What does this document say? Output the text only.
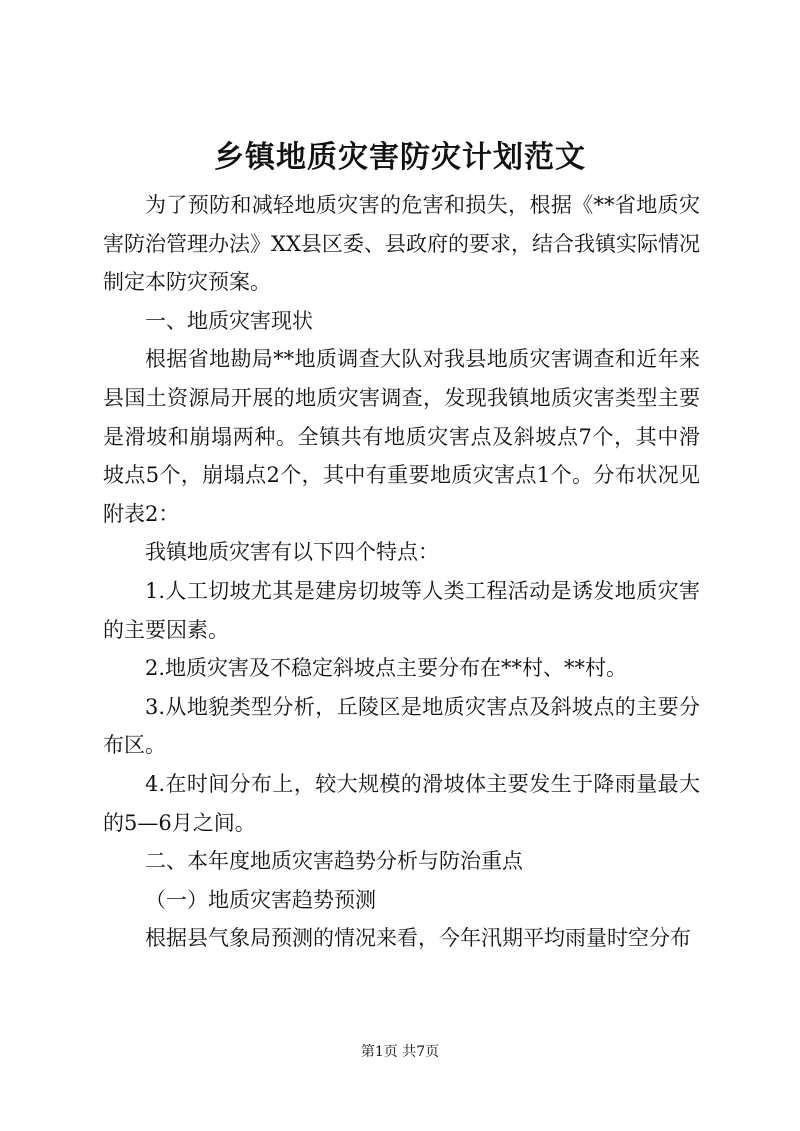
乡镇地质灾害防灾计划范文

为了预防和减轻地质灾害的危害和损失，根据《**省地质灾害防治管理办法》XX县区委、县政府的要求，结合我镇实际情况制定本防灾预案。

一、地质灾害现状

根据省地勘局**地质调查大队对我县地质灾害调查和近年来县国土资源局开展的地质灾害调查，发现我镇地质灾害类型主要是滑坡和崩塌两种。全镇共有地质灾害点及斜坡点7个，其中滑坡点5个，崩塌点2个，其中有重要地质灾害点1个。分布状况见附表2：

我镇地质灾害有以下四个特点：

1.人工切坡尤其是建房切坡等人类工程活动是诱发地质灾害的主要因素。

2.地质灾害及不稳定斜坡点主要分布在**村、**村。

3.从地貌类型分析，丘陵区是地质灾害点及斜坡点的主要分布区。

4.在时间分布上，较大规模的滑坡体主要发生于降雨量最大的5—6月之间。

二、本年度地质灾害趋势分析与防治重点

（一）地质灾害趋势预测

根据县气象局预测的情况来看，今年汛期平均雨量时空分布

第1页 共7页
